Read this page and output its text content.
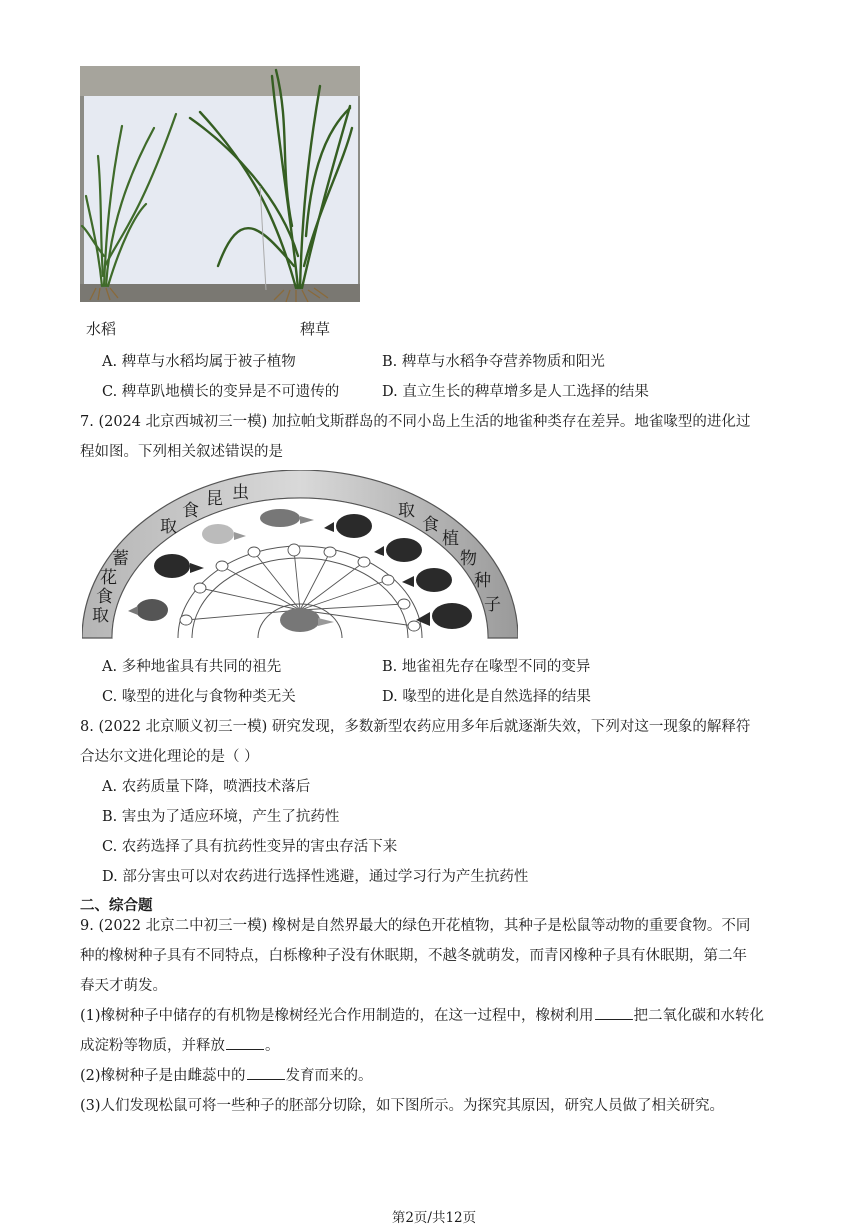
水稻	稗草
A. 稗草与水稻均属于被子植物	B. 稗草与水稻争夺营养物质和阳光
C. 稗草趴地横长的变异是不可遗传的	D. 直立生长的稗草增多是人工选择的结果
7. (2024 北京西城初三一模) 加拉帕戈斯群岛的不同小岛上生活的地雀种类存在差异。地雀喙型的进化过
程如图。下列相关叙述错误的是
蓄
花
食
取
取
食
昆 虫
取
食
植
物
种
子
A. 多种地雀具有共同的祖先	B. 地雀祖先存在喙型不同的变异
C. 喙型的进化与食物种类无关	D. 喙型的进化是自然选择的结果
8. (2022 北京顺义初三一模) 研究发现，多数新型农药应用多年后就逐渐失效，下列对这一现象的解释符
合达尔文进化理论的是（ ）
A. 农药质量下降，喷洒技术落后
B. 害虫为了适应环境，产生了抗药性
C. 农药选择了具有抗药性变异的害虫存活下来
D. 部分害虫可以对农药进行选择性逃避，通过学习行为产生抗药性
二、综合题
9. (2022 北京二中初三一模) 橡树是自然界最大的绿色开花植物，其种子是松鼠等动物的重要食物。不同
种的橡树种子具有不同特点，白栎橡种子没有休眠期，不越冬就萌发，而青冈橡种子具有休眠期，第二年
春天才萌发。
(1)橡树种子中储存的有机物是橡树经光合作用制造的，在这一过程中，橡树利用	把二氧化碳和水转化
成淀粉等物质，并释放	。
(2)橡树种子是由雌蕊中的	发育而来的。
(3)人们发现松鼠可将一些种子的胚部分切除，如下图所示。为探究其原因，研究人员做了相关研究。
第2页/共12页
